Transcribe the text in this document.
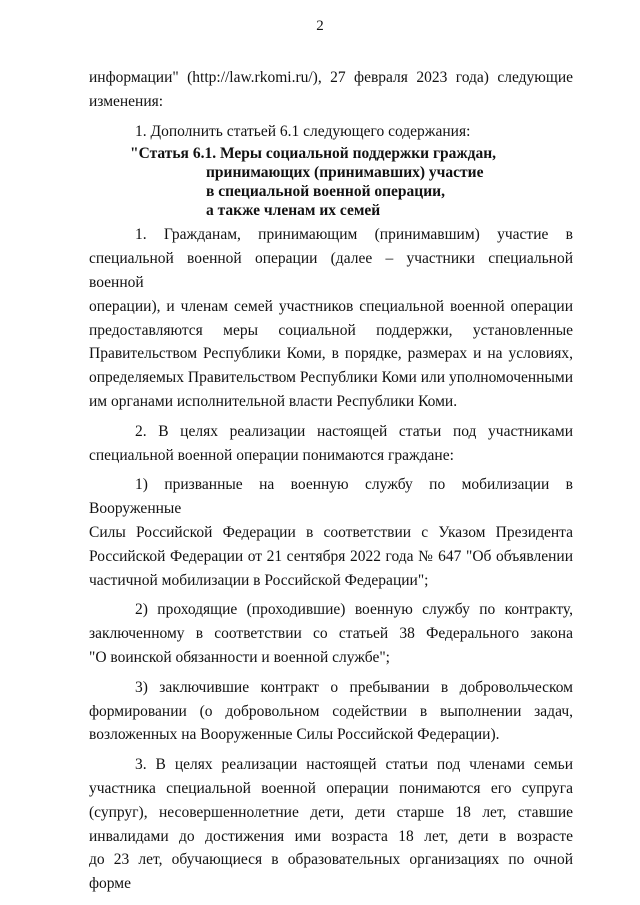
2

информации" (http://law.rkomi.ru/), 27 февраля 2023 года) следующие

изменения:

1. Дополнить статьей 6.1 следующего содержания:

"Статья 6.1. Меры социальной поддержки граждан,

принимающих (принимавших) участие

в специальной военной операции,

а также членам их семей

1. Гражданам, принимающим (принимавшим) участие в

специальной военной операции (далее – участники специальной военной

операции), и членам семей участников специальной военной операции

предоставляются меры социальной поддержки, установленные

Правительством Республики Коми, в порядке, размерах и на условиях,

определяемых Правительством Республики Коми или уполномоченными

им органами исполнительной власти Республики Коми.

2. В целях реализации настоящей статьи под участниками

специальной военной операции понимаются граждане:

1) призванные на военную службу по мобилизации в Вооруженные

Силы Российской Федерации в соответствии с Указом Президента

Российской Федерации от 21 сентября 2022 года № 647 "Об объявлении

частичной мобилизации в Российской Федерации";

2) проходящие (проходившие) военную службу по контракту,

заключенному в соответствии со статьей 38 Федерального закона

"О воинской обязанности и военной службе";

3) заключившие контракт о пребывании в добровольческом

формировании (о добровольном содействии в выполнении задач,

возложенных на Вооруженные Силы Российской Федерации).

3. В целях реализации настоящей статьи под членами семьи

участника специальной военной операции понимаются его супруга

(супруг), несовершеннолетние дети, дети старше 18 лет, ставшие

инвалидами до достижения ими возраста 18 лет, дети в возрасте

до 23 лет, обучающиеся в образовательных организациях по очной форме
